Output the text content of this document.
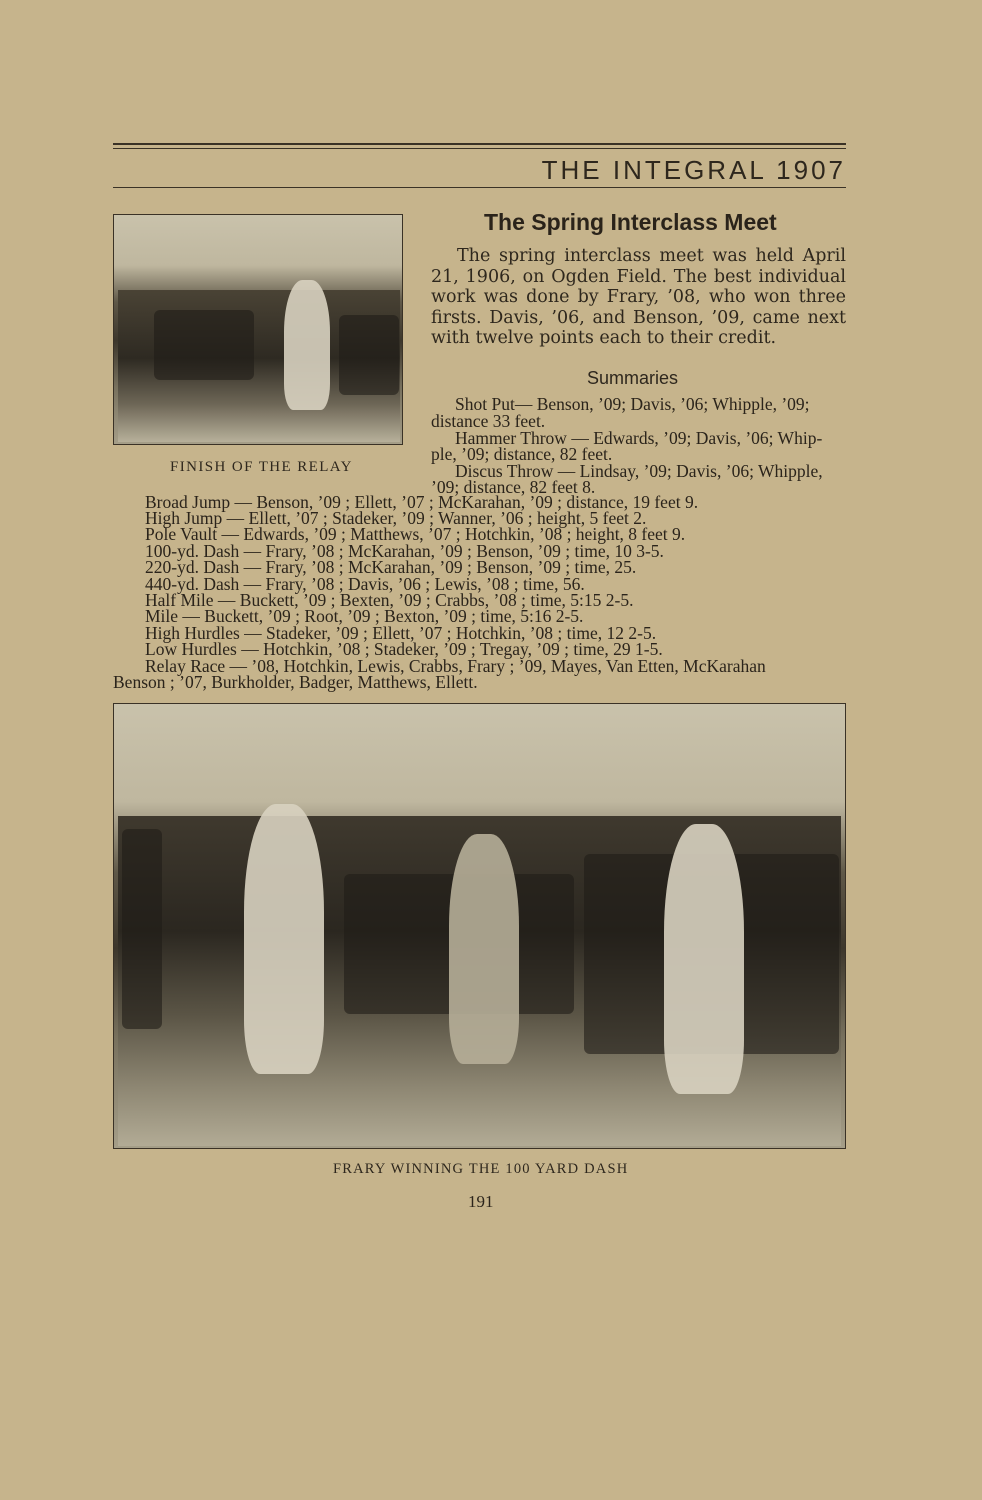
THE INTEGRAL 1907
FINISH OF THE RELAY
The Spring Interclass Meet

The spring interclass meet was held April 21, 1906, on Ogden Field. The best individual work was done by Frary, ’08, who won three firsts. Davis, ’06, and Benson, ’09, came next with twelve points each to their credit.

Summaries
Shot Put— Benson, ’09; Davis, ’06; Whipple, ’09;
distance 33 feet.
Hammer Throw — Edwards, ’09; Davis, ’06; Whip-
ple, ’09; distance, 82 feet.
Discus Throw — Lindsay, ’09; Davis, ’06; Whipple,
’09; distance, 82 feet 8.
Broad Jump — Benson, ’09 ; Ellett, ’07 ; McKarahan, ’09 ; distance, 19 feet 9.
High Jump — Ellett, ’07 ; Stadeker, ’09 ; Wanner, ’06 ; height, 5 feet 2.
Pole Vault — Edwards, ’09 ; Matthews, ’07 ; Hotchkin, ’08 ; height, 8 feet 9.
100-yd. Dash — Frary, ’08 ; McKarahan, ’09 ; Benson, ’09 ; time, 10 3-5.
220-yd. Dash — Frary, ’08 ; McKarahan, ’09 ; Benson, ’09 ; time, 25.
440-yd. Dash — Frary, ’08 ; Davis, ’06 ; Lewis, ’08 ; time, 56.
Half Mile — Buckett, ’09 ; Bexten, ’09 ; Crabbs, ’08 ; time, 5:15 2-5.
Mile — Buckett, ’09 ; Root, ’09 ; Bexton, ’09 ; time, 5:16 2-5.
High Hurdles — Stadeker, ’09 ; Ellett, ’07 ; Hotchkin, ’08 ; time, 12 2-5.
Low Hurdles — Hotchkin, ’08 ; Stadeker, ’09 ; Tregay, ’09 ; time, 29 1-5.
Relay Race — ’08, Hotchkin, Lewis, Crabbs, Frary ; ’09, Mayes, Van Etten, McKarahan
Benson ; ’07, Burkholder, Badger, Matthews, Ellett.
FRARY WINNING THE 100 YARD DASH
191
